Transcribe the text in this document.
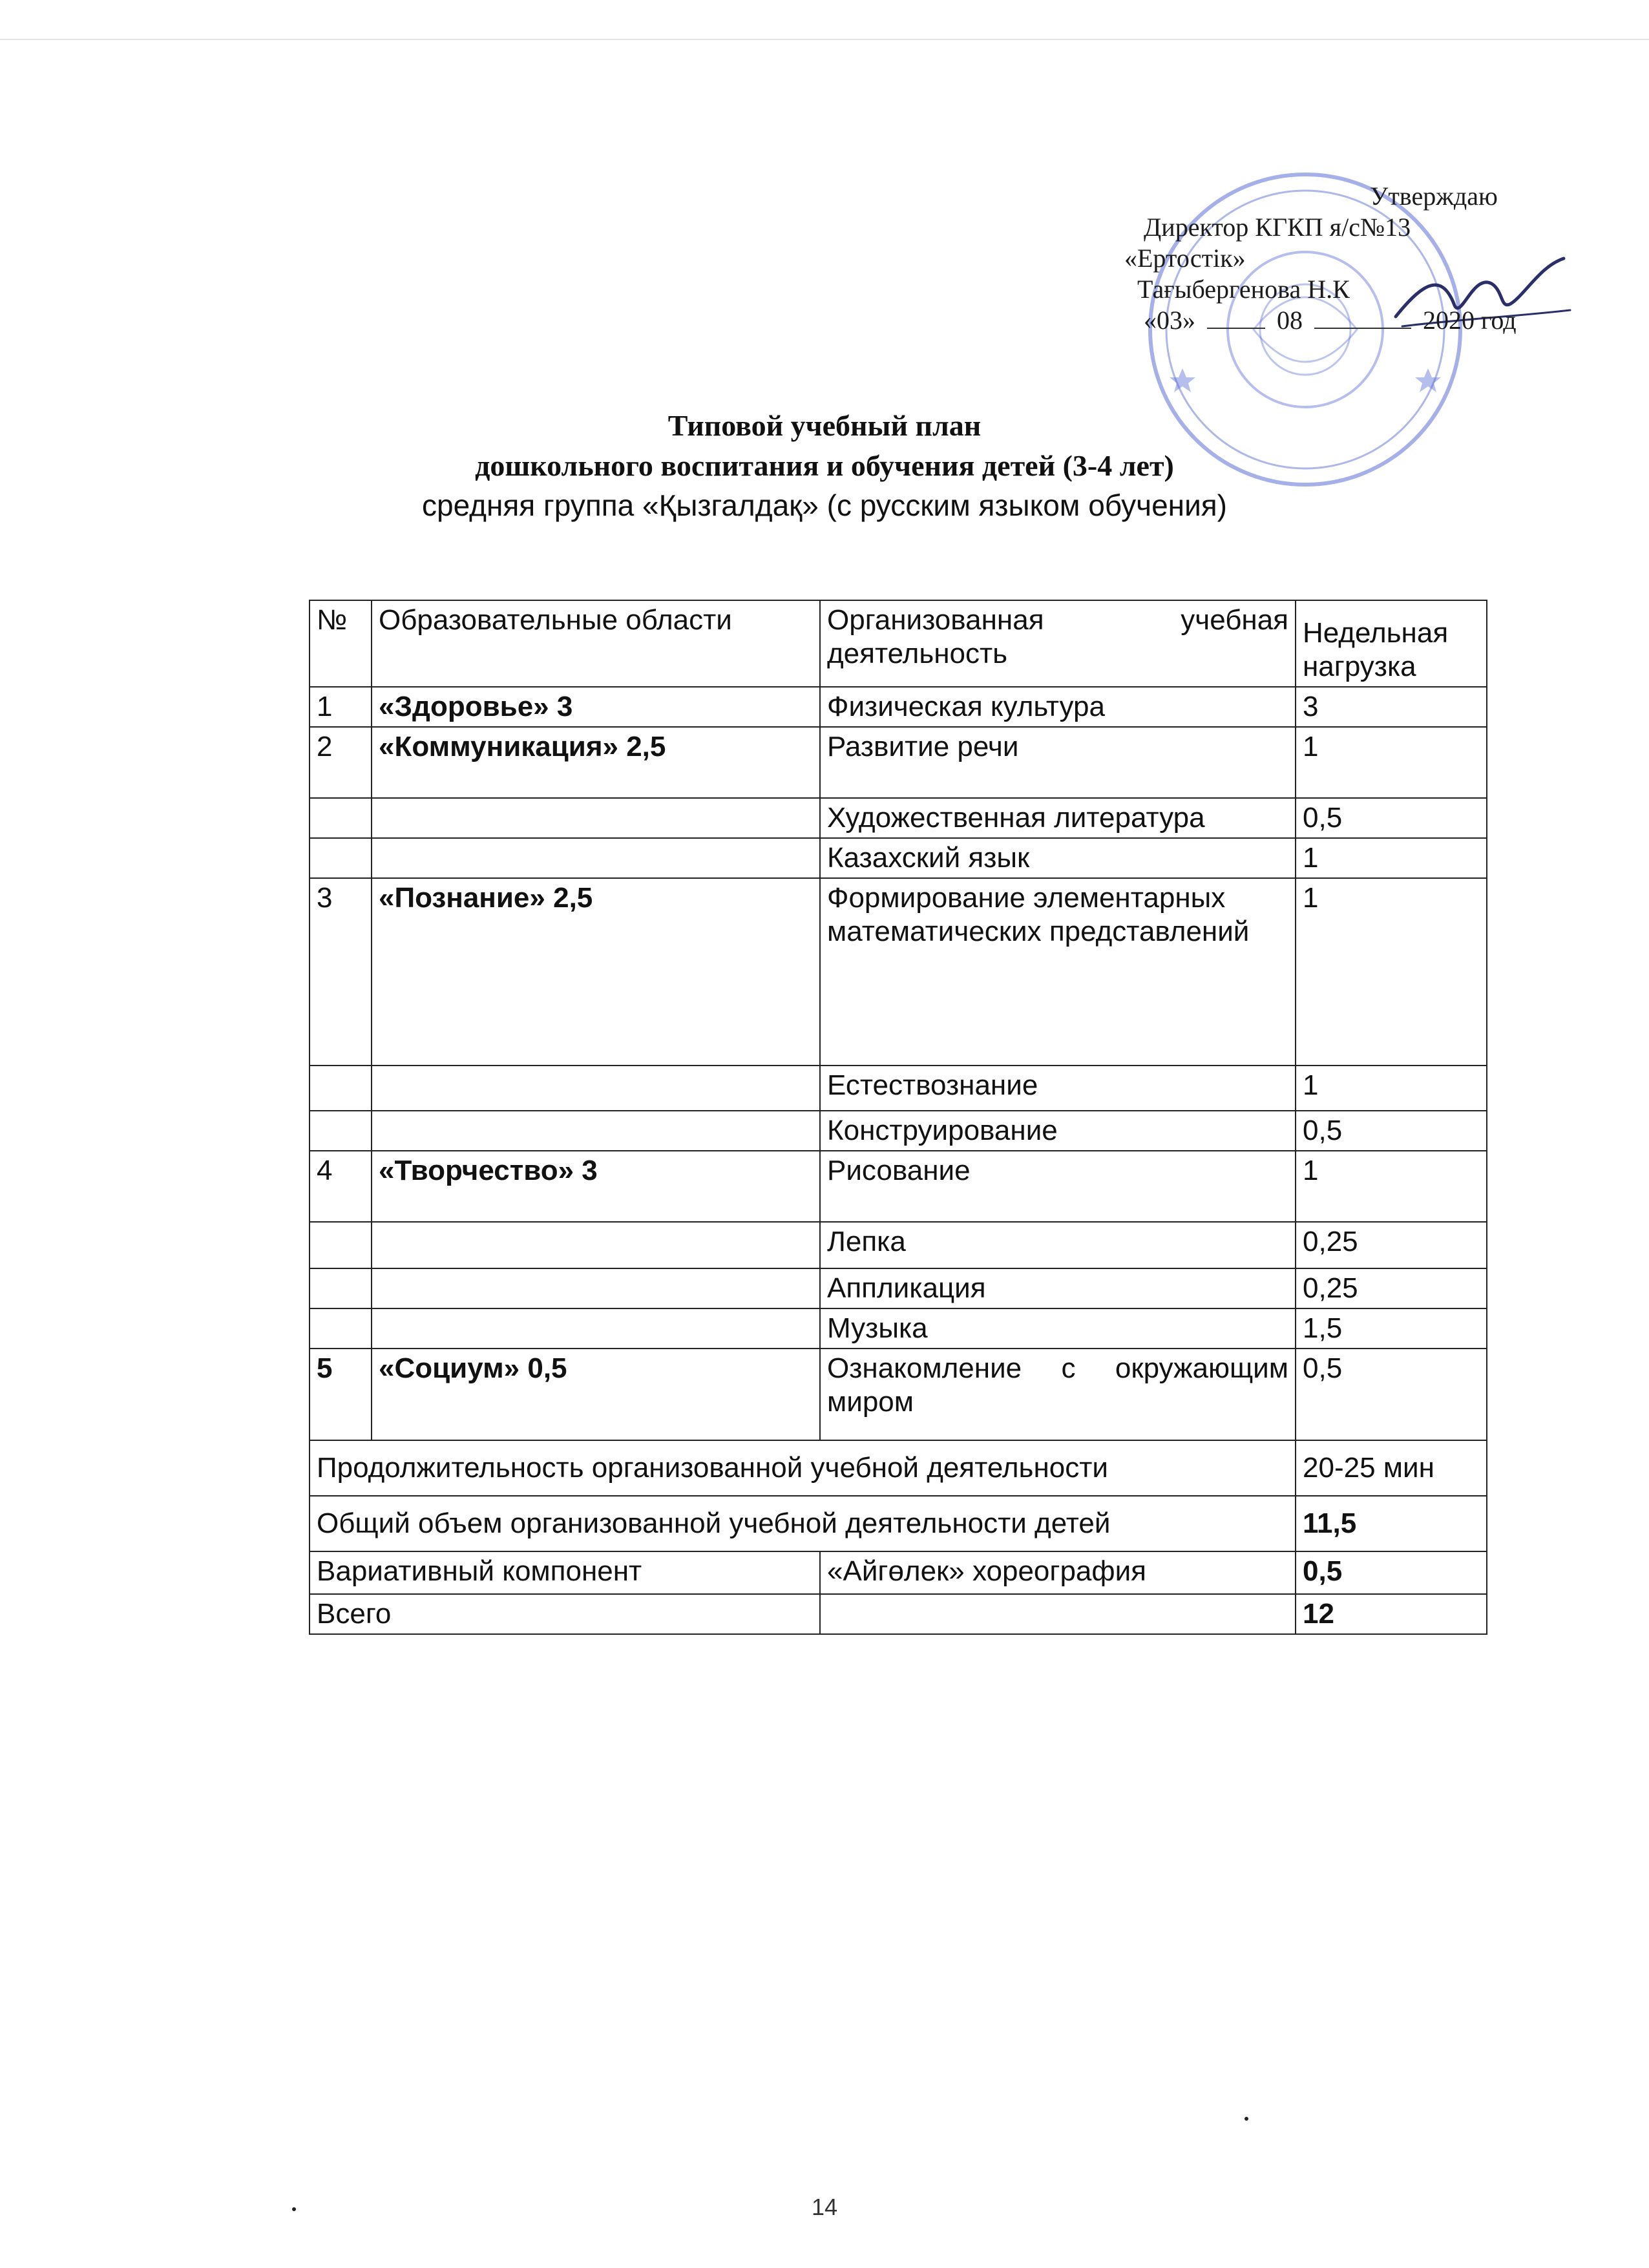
Утверждаю
Директор КГКП я/с№13
«Ертостік»
Тағыбергенова Н.К
«03»	08	2020 год
Типовой учебный план
дошкольного воспитания и обучения детей (3-4 лет)
средняя группа «Қызгалдақ» (с русским языком обучения)
№	Образовательные области	Организованная учебная деятельность	Недельная нагрузка
1	«Здоровье» 3	Физическая культура	3
2	«Коммуникация» 2,5	Развитие речи	1
		Художественная литература	0,5
		Казахский язык	1
3	«Познание» 2,5	Формирование элементарных математических представлений	1
		Естествознание	1
		Конструирование	0,5
4	«Творчество» 3	Рисование	1
		Лепка	0,25
		Аппликация	0,25
		Музыка	1,5
5	«Социум» 0,5	Ознакомление с окружающим миром	0,5
Продолжительность организованной учебной деятельности			20-25 мин
Общий объем организованной учебной деятельности детей			11,5
Вариативный компонент		«Айгөлек» хореография	0,5
Всего			12
14
